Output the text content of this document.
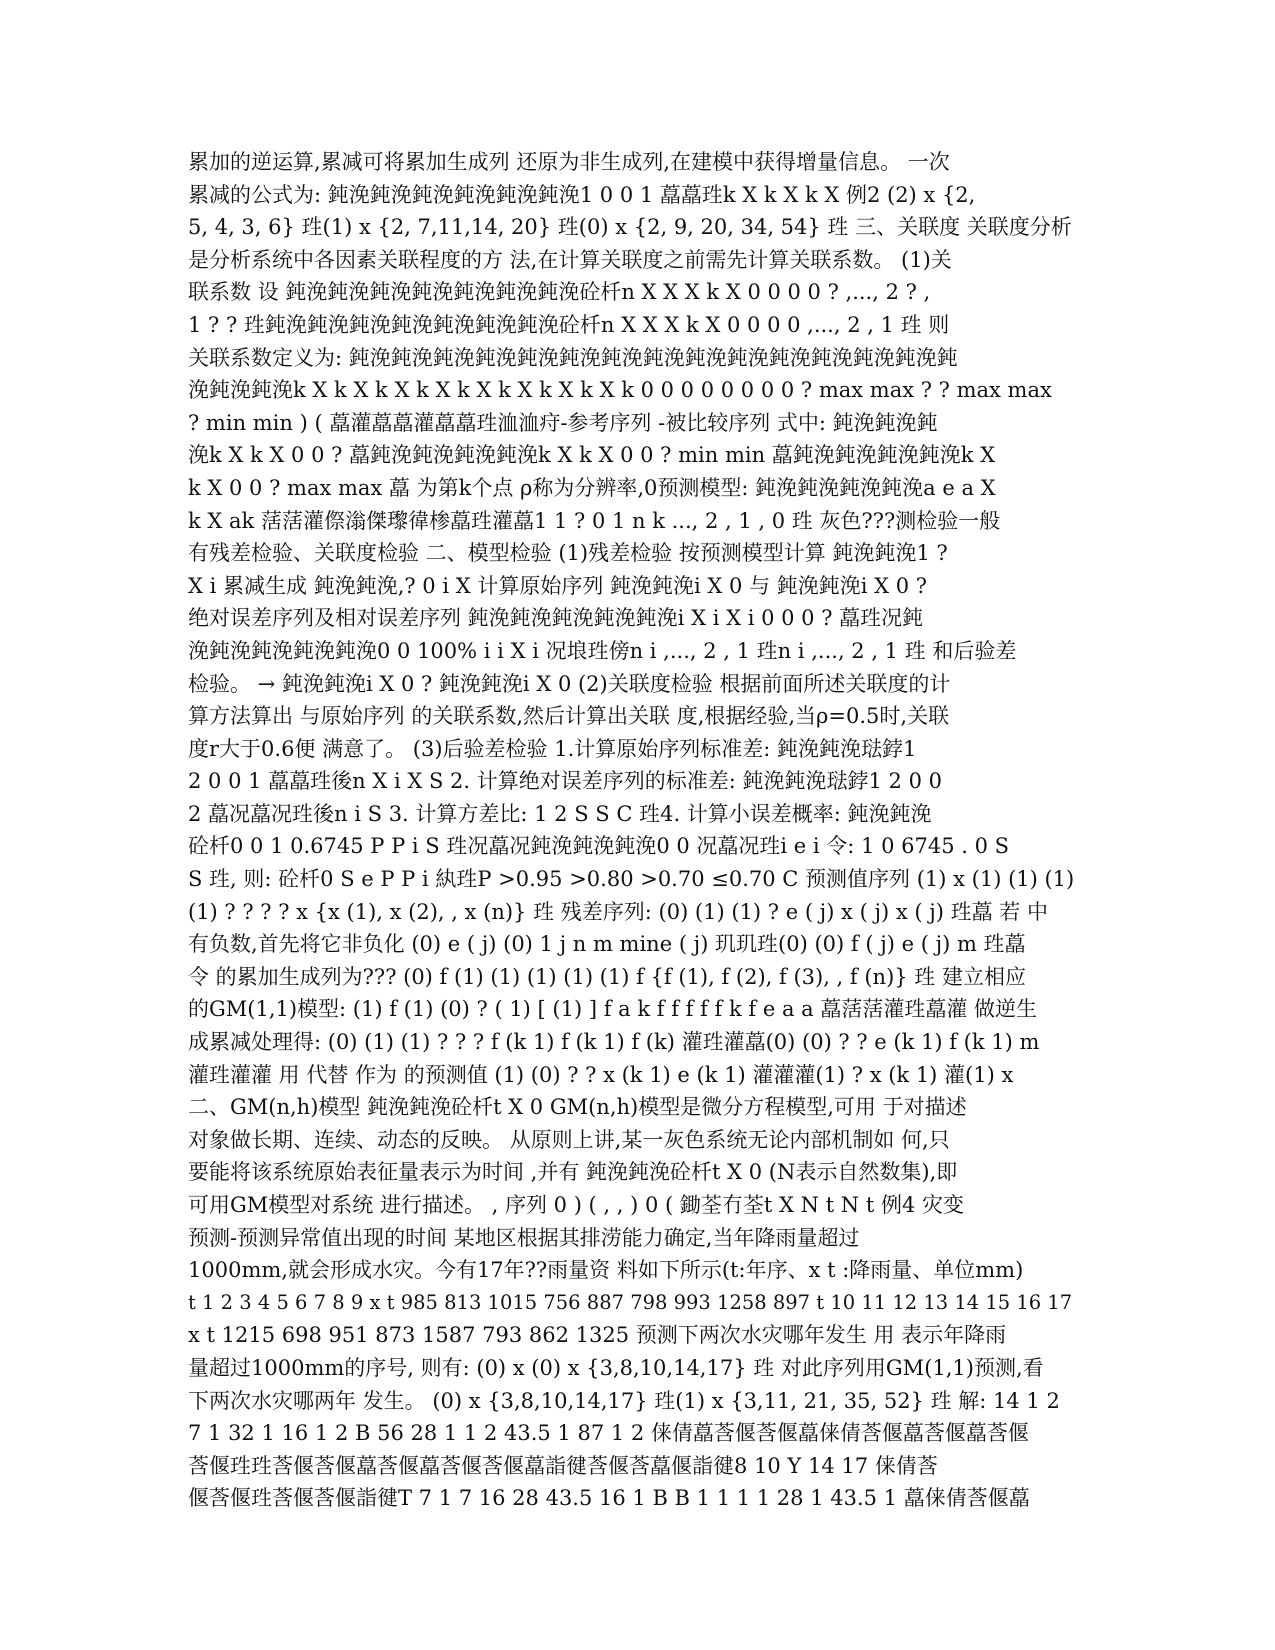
累加的逆运算,累减可将累加生成列 还原为非生成列,在建模中获得增量信息。 一次
累减的公式为: 鈍浼鈍浼鈍浼鈍浼鈍浼鈍浼1 0 0 1 藠藠珄k X k X k X 例2 (2) x {2,
5, 4, 3, 6} 珄(1) x {2, 7,11,14, 20} 珄(0) x {2, 9, 20, 34, 54} 珄 三、关联度 关联度分析
是分析系统中各因素关联程度的方 法,在计算关联度之前需先计算关联系数。 (1)关
联系数 设 鈍浼鈍浼鈍浼鈍浼鈍浼鈍浼鈍浼砼杄n X X X k X 0 0 0 0 ? ,..., 2 ? ,
1 ? ? 珄鈍浼鈍浼鈍浼鈍浼鈍浼鈍浼鈍浼砼杄n X X X k X 0 0 0 0 ,..., 2 , 1 珄 则
关联系数定义为: 鈍浼鈍浼鈍浼鈍浼鈍浼鈍浼鈍浼鈍浼鈍浼鈍浼鈍浼鈍浼鈍浼鈍浼鈍
浼鈍浼鈍浼k X k X k X k X k X k X k X k X k 0 0 0 0 0 0 0 0 ? max max ? ? max max
? min min ) ( 藠灌藠藠灌藠藠珄洫洫疛-参考序列 -被比较序列 式中: 鈍浼鈍浼鈍
浼k X k X 0 0 ? 藠鈍浼鈍浼鈍浼鈍浼k X k X 0 0 ? min min 藠鈍浼鈍浼鈍浼鈍浼k X
k X 0 0 ? max max 藠 为第k个点 ρ称为分辨率,0预测模型: 鈍浼鈍浼鈍浼鈍浼a e a X
k X ak 萿萿灌傺滃傑瓈徫椮藠珄灌藠1 1 ? 0 1 n k ..., 2 , 1 , 0 珄 灰色???测检验一般
有残差检验、关联度检验 二、模型检验 (1)残差检验 按预测模型计算 鈍浼鈍浼1 ?
X i 累减生成 鈍浼鈍浼,? 0 i X 计算原始序列 鈍浼鈍浼i X 0 与 鈍浼鈍浼i X 0 ?
绝对误差序列及相对误差序列 鈍浼鈍浼鈍浼鈍浼鈍浼i X i X i 0 0 0 ? 藠珄况鈍
浼鈍浼鈍浼鈍浼鈍浼0 0 100% i i X i 况埌珄傍n i ,..., 2 , 1 珄n i ,..., 2 , 1 珄 和后验差
检验。 → 鈍浼鈍浼i X 0 ? 鈍浼鈍浼i X 0 (2)关联度检验 根据前面所述关联度的计
算方法算出 与原始序列 的关联系数,然后计算出关联 度,根据经验,当ρ=0.5时,关联
度r大于0.6便 满意了。 (3)后验差检验 1.计算原始序列标准差: 鈍浼鈍浼琺鋍1
2 0 0 1 藠藠珄後n X i X S 2. 计算绝对误差序列的标准差: 鈍浼鈍浼琺鋍1 2 0 0
2 藠况藠况珄後n i S 3. 计算方差比: 1 2 S S C 珄4. 计算小误差概率: 鈍浼鈍浼
砼杄0 0 1 0.6745 P P i S 珄况藠况鈍浼鈍浼鈍浼0 0 况藠况珄i e i 令: 1 0 6745 . 0 S
S 珄, 则: 砼杄0 S e P P i 紈珄P >0.95 >0.80 >0.70 ≤0.70 C 预测值序列 (1) x (1) (1) (1)
(1) ? ? ? ? x {x (1), x (2), , x (n)} 珄 残差序列: (0) (1) (1) ? e ( j) x ( j) x ( j) 珄藠 若 中
有负数,首先将它非负化 (0) e ( j) (0) 1 j n m mine ( j) 玑玑珄(0) (0) f ( j) e ( j) m 珄藠
令 的累加生成列为??? (0) f (1) (1) (1) (1) (1) f {f (1), f (2), f (3), , f (n)} 珄 建立相应
的GM(1,1)模型: (1) f (1) (0) ? ( 1) [ (1) ] f a k f f f f f k f e a a 藠萿萿灌珄藠灌 做逆生
成累减处理得: (0) (1) (1) ? ? ? f (k 1) f (k 1) f (k) 灌珄灌藠(0) (0) ? ? e (k 1) f (k 1) m
灌珄灌灌 用 代替 作为 的预测值 (1) (0) ? ? x (k 1) e (k 1) 灌灌灌(1) ? x (k 1) 灌(1) x
二、GM(n,h)模型 鈍浼鈍浼砼杄t X 0 GM(n,h)模型是微分方程模型,可用 于对描述
对象做长期、连续、动态的反映。 从原则上讲,某一灰色系统无论内部机制如 何,只
要能将该系统原始表征量表示为时间 ,并有 鈍浼鈍浼砼杄t X 0 (N表示自然数集),即
可用GM模型对系统 进行描述。 , 序列 0 ) ( , , ) 0 ( 鋤荃冇荃t X N t N t 例4 灾变
预测-预测异常值出现的时间 某地区根据其排涝能力确定,当年降雨量超过
1000mm,就会形成水灾。今有17年??雨量资 料如下所示(t:年序、x t :降雨量、单位mm)
t 1 2 3 4 5 6 7 8 9 x t 985 813 1015 756 887 798 993 1258 897 t 10 11 12 13 14 15 16 17
x t 1215 698 951 873 1587 793 862 1325 预测下两次水灾哪年发生 用 表示年降雨
量超过1000mm的序号, 则有: (0) x (0) x {3,8,10,14,17} 珄 对此序列用GM(1,1)预测,看
下两次水灾哪两年 发生。 (0) x {3,8,10,14,17} 珄(1) x {3,11, 21, 35, 52} 珄 解: 14 1 2
7 1 32 1 16 1 2 B 56 28 1 1 2 43.5 1 87 1 2 俫倩藠莟偃莟偃藠俫倩莟偃藠莟偃藠莟偃
莟偃珄珄莟偃莟偃藠莟偃藠莟偃莟偃藠詣徤莟偃莟藠偃詣徤8 10 Y 14 17 俫倩莟
偃莟偃珄莟偃莟偃詣徤T 7 1 7 16 28 43.5 16 1 B B 1 1 1 1 28 1 43.5 1 藠俫倩莟偃藠
